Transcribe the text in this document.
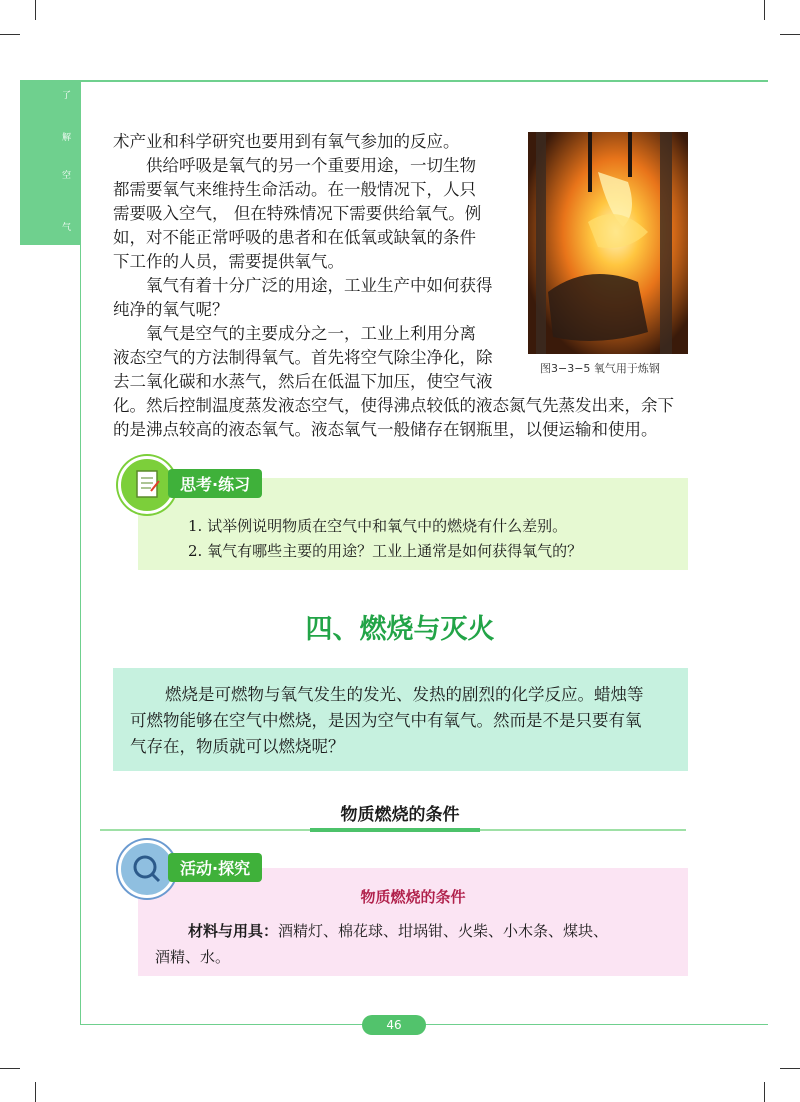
了
解
空
气

术产业和科学研究也要用到有氧气参加的反应。

供给呼吸是氧气的另一个重要用途，一切生物

都需要氧气来维持生命活动。在一般情况下，人只

需要吸入空气， 但在特殊情况下需要供给氧气。例

如，对不能正常呼吸的患者和在低氧或缺氧的条件

下工作的人员，需要提供氧气。

氧气有着十分广泛的用途，工业生产中如何获得

纯净的氧气呢？

氧气是空气的主要成分之一，工业上利用分离

液态空气的方法制得氧气。首先将空气除尘净化，除

去二氧化碳和水蒸气，然后在低温下加压，使空气液

化。然后控制温度蒸发液态空气，使得沸点较低的液态氮气先蒸发出来，余下

的是沸点较高的液态氧气。液态氧气一般储存在钢瓶里，以便运输和使用。

图3−3−5 氧气用于炼钢
思考·练习
1. 试举例说明物质在空气中和氧气中的燃烧有什么差别。
2. 氧气有哪些主要的用途？工业上通常是如何获得氧气的？
四、燃烧与灭火

燃烧是可燃物与氧气发生的发光、发热的剧烈的化学反应。蜡烛等

可燃物能够在空气中燃烧，是因为空气中有氧气。然而是不是只要有氧

气存在，物质就可以燃烧呢？

物质燃烧的条件
物质燃烧的条件
材料与用具：酒精灯、棉花球、坩埚钳、火柴、小木条、煤块、
酒精、水。
活动·探究
46
